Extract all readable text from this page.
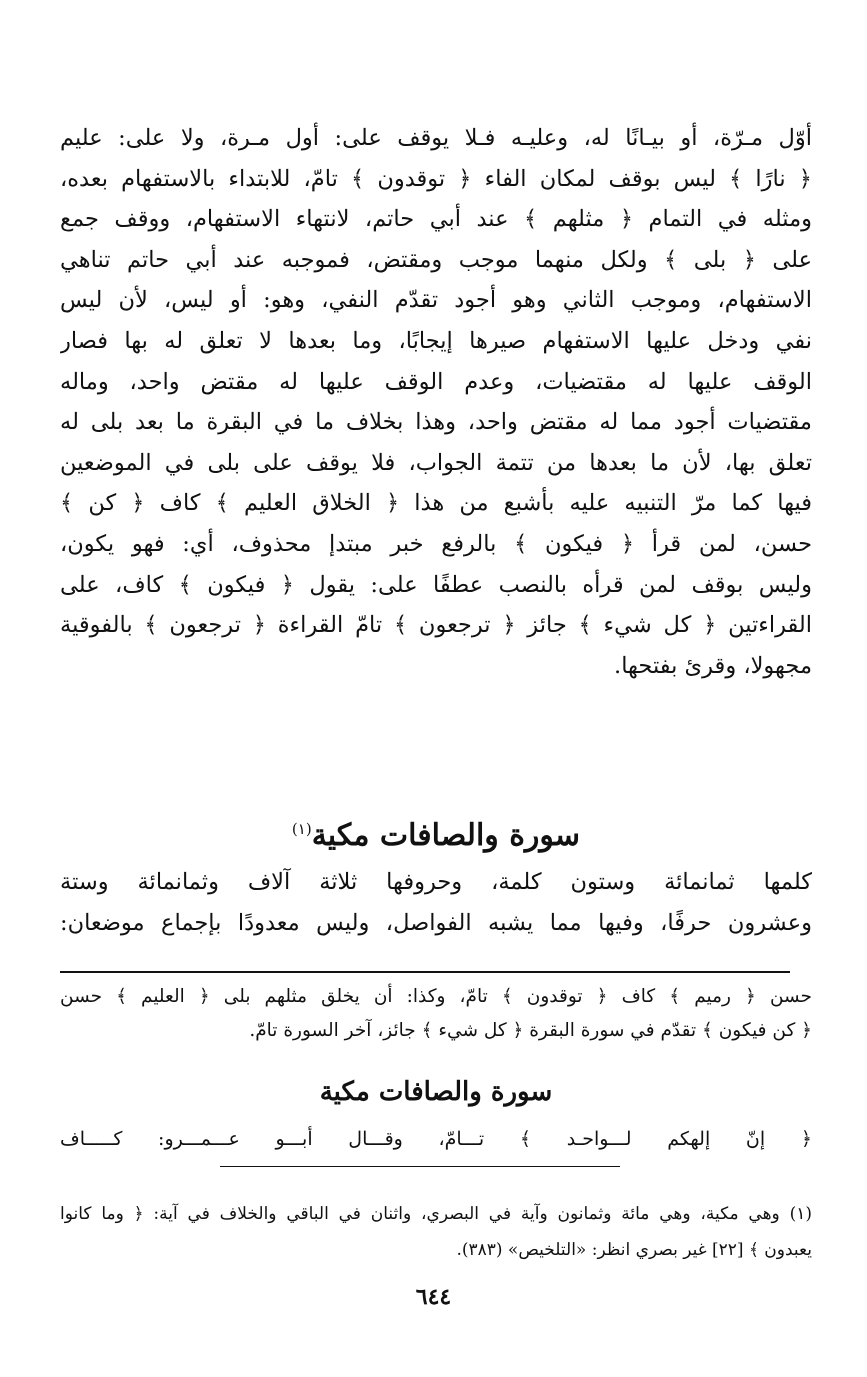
أوّل مـرّة، أو بيـانًا له، وعليـه فـلا يوقف على: أول مـرة، ولا على: عليم
﴿ نارًا ﴾ ليس بوقف لمكان الفاء ﴿ توقدون ﴾ تامّ، للابتداء بالاستفهام بعده،
ومثله في التمام ﴿ مثلهم ﴾ عند أبي حاتم، لانتهاء الاستفهام، ووقف جمع
على ﴿ بلى ﴾ ولكل منهما موجب ومقتض، فموجبه عند أبي حاتم تناهي
الاستفهام، وموجب الثاني وهو أجود تقدّم النفي، وهو: أو ليس، لأن ليس
نفي ودخل عليها الاستفهام صيرها إيجابًا، وما بعدها لا تعلق له بها فصار
الوقف عليها له مقتضيات، وعدم الوقف عليها له مقتض واحد، وماله
مقتضيات أجود مما له مقتض واحد، وهذا بخلاف ما في البقرة ما بعد بلى له
تعلق بها، لأن ما بعدها من تتمة الجواب، فلا يوقف على بلى في الموضعين
فيها كما مرّ التنبيه عليه بأشبع من هذا ﴿ الخلاق العليم ﴾ كاف ﴿ كن ﴾
حسن، لمن قرأ ﴿ فيكون ﴾ بالرفع خبر مبتدإ محذوف، أي: فهو يكون،
وليس بوقف لمن قرأه بالنصب عطفًا على: يقول ﴿ فيكون ﴾ كاف، على
القراءتين ﴿ كل شيء ﴾ جائز ﴿ ترجعون ﴾ تامّ القراءة ﴿ ترجعون ﴾ بالفوقية
مجهولا، وقرئ بفتحها.
سورة والصافات مكية$^{(١)}$
كلمها ثمانمائة وستون كلمة، وحروفها ثلاثة آلاف وثمانمائة وستة
وعشرون حرفًا، وفيها مما يشبه الفواصل، وليس معدودًا بإجماع موضعان:
حسن ﴿ رميم ﴾ كاف ﴿ توقدون ﴾ تامّ، وكذا: أن يخلق مثلهم بلى ﴿ العليم ﴾ حسن
﴿ كن فيكون ﴾ تقدّم في سورة البقرة ﴿ كل شيء ﴾ جائز، آخر السورة تامّ.
سورة والصافات مكية
﴿ إنّ إلهكم لـــواحـد ﴾ تـــامّ، وقـــال أبـــو عـــمـــرو: كـــــاف
(١) وهي مكية، وهي مائة وثمانون وآية في البصري، واثنان في الباقي والخلاف في آية: ﴿ وما كانوا
يعبدون ﴾ [٢٢] غير بصري انظر: «التلخيص» (٣٨٣).
٦٤٤
